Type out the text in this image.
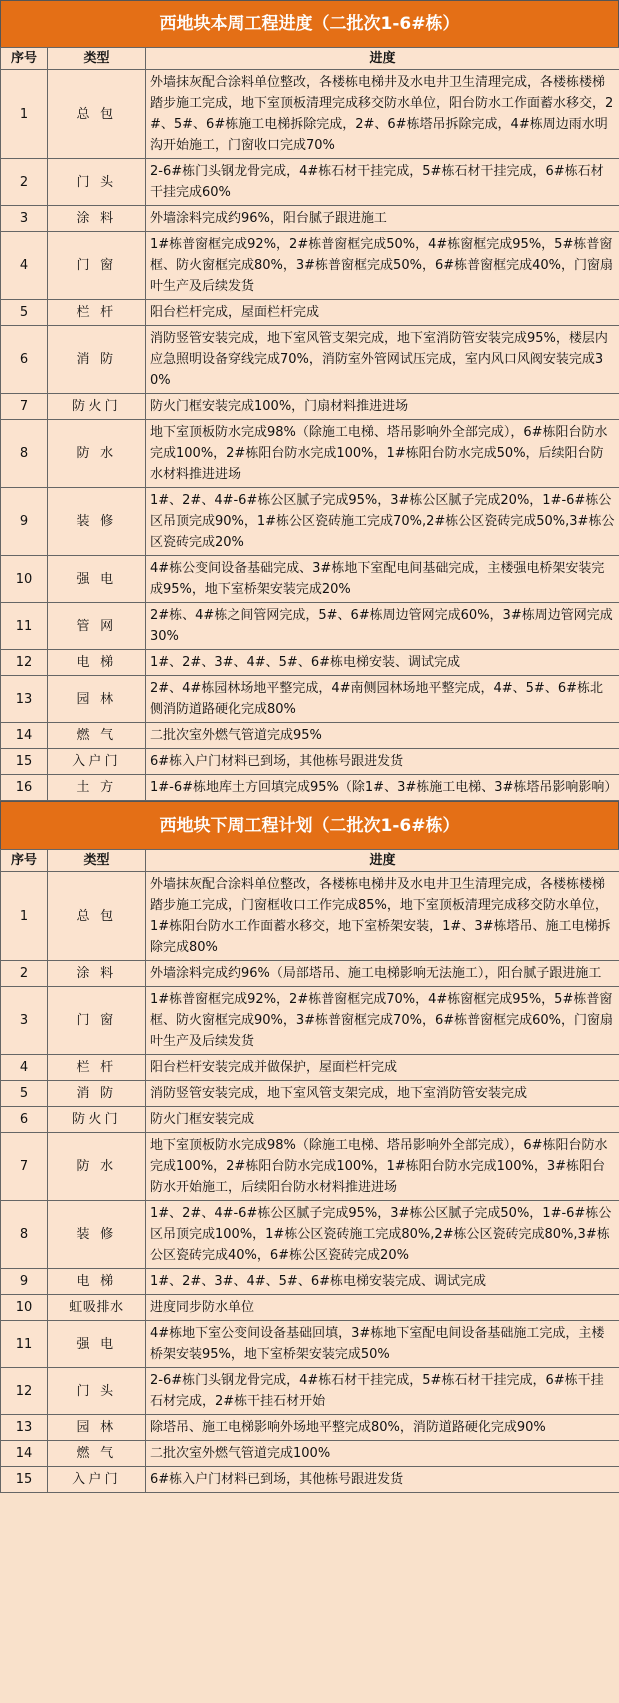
西地块本周工程进度（二批次1-6#栋）
序号	类型	进度
1	总 包	外墙抹灰配合涂料单位整改，各楼栋电梯井及水电井卫生清理完成，各楼栋楼梯踏步施工完成，地下室顶板清理完成移交防水单位，阳台防水工作面蓄水移交，2#、5#、6#栋施工电梯拆除完成，2#、6#栋塔吊拆除完成，4#栋周边雨水明沟开始施工，门窗收口完成70%
2	门 头	2-6#栋门头钢龙骨完成，4#栋石材干挂完成，5#栋石材干挂完成，6#栋石材干挂完成60%
3	涂 料	外墙涂料完成约96%，阳台腻子跟进施工
4	门 窗	1#栋普窗框完成92%，2#栋普窗框完成50%，4#栋窗框完成95%，5#栋普窗框、防火窗框完成80%，3#栋普窗框完成50%，6#栋普窗框完成40%，门窗扇叶生产及后续发货
5	栏 杆	阳台栏杆完成，屋面栏杆完成
6	消 防	消防竖管安装完成，地下室风管支架完成，地下室消防管安装完成95%，楼层内应急照明设备穿线完成70%，消防室外管网试压完成，室内风口风阀安装完成30%
7	防火门	防火门框安装完成100%，门扇材料推进进场
8	防 水	地下室顶板防水完成98%（除施工电梯、塔吊影响外全部完成），6#栋阳台防水完成100%，2#栋阳台防水完成100%，1#栋阳台防水完成50%，后续阳台防水材料推进进场
9	装 修	1#、2#、4#-6#栋公区腻子完成95%，3#栋公区腻子完成20%，1#-6#栋公区吊顶完成90%，1#栋公区瓷砖施工完成70%,2#栋公区瓷砖完成50%,3#栋公区瓷砖完成20%
10	强 电	4#栋公变间设备基础完成、3#栋地下室配电间基础完成，主楼强电桥架安装完成95%，地下室桥架安装完成20%
11	管 网	2#栋、4#栋之间管网完成，5#、6#栋周边管网完成60%，3#栋周边管网完成30%
12	电 梯	1#、2#、3#、4#、5#、6#栋电梯安装、调试完成
13	园 林	2#、4#栋园林场地平整完成，4#南侧园林场地平整完成，4#、5#、6#栋北侧消防道路硬化完成80%
14	燃 气	二批次室外燃气管道完成95%
15	入户门	6#栋入户门材料已到场，其他栋号跟进发货
16	土 方	1#-6#栋地库土方回填完成95%（除1#、3#栋施工电梯、3#栋塔吊影响影响）
西地块下周工程计划（二批次1-6#栋）
序号	类型	进度
1	总 包	外墙抹灰配合涂料单位整改，各楼栋电梯井及水电井卫生清理完成，各楼栋楼梯踏步施工完成，门窗框收口工作完成85%，地下室顶板清理完成移交防水单位，1#栋阳台防水工作面蓄水移交，地下室桥架安装，1#、3#栋塔吊、施工电梯拆除完成80%
2	涂 料	外墙涂料完成约96%（局部塔吊、施工电梯影响无法施工），阳台腻子跟进施工
3	门 窗	1#栋普窗框完成92%，2#栋普窗框完成70%，4#栋窗框完成95%，5#栋普窗框、防火窗框完成90%，3#栋普窗框完成70%，6#栋普窗框完成60%，门窗扇叶生产及后续发货
4	栏 杆	阳台栏杆安装完成并做保护，屋面栏杆完成
5	消 防	消防竖管安装完成，地下室风管支架完成，地下室消防管安装完成
6	防火门	防火门框安装完成
7	防 水	地下室顶板防水完成98%（除施工电梯、塔吊影响外全部完成），6#栋阳台防水完成100%，2#栋阳台防水完成100%，1#栋阳台防水完成100%，3#栋阳台防水开始施工，后续阳台防水材料推进进场
8	装 修	1#、2#、4#-6#栋公区腻子完成95%，3#栋公区腻子完成50%，1#-6#栋公区吊顶完成100%，1#栋公区瓷砖施工完成80%,2#栋公区瓷砖完成80%,3#栋公区瓷砖完成40%，6#栋公区瓷砖完成20%
9	电 梯	1#、2#、3#、4#、5#、6#栋电梯安装完成、调试完成
10	虹吸排水	进度同步防水单位
11	强 电	4#栋地下室公变间设备基础回填，3#栋地下室配电间设备基础施工完成，主楼桥架安装95%，地下室桥架安装完成50%
12	门 头	2-6#栋门头钢龙骨完成，4#栋石材干挂完成，5#栋石材干挂完成，6#栋干挂石材完成，2#栋干挂石材开始
13	园 林	除塔吊、施工电梯影响外场地平整完成80%，消防道路硬化完成90%
14	燃 气	二批次室外燃气管道完成100%
15	入户门	6#栋入户门材料已到场，其他栋号跟进发货
